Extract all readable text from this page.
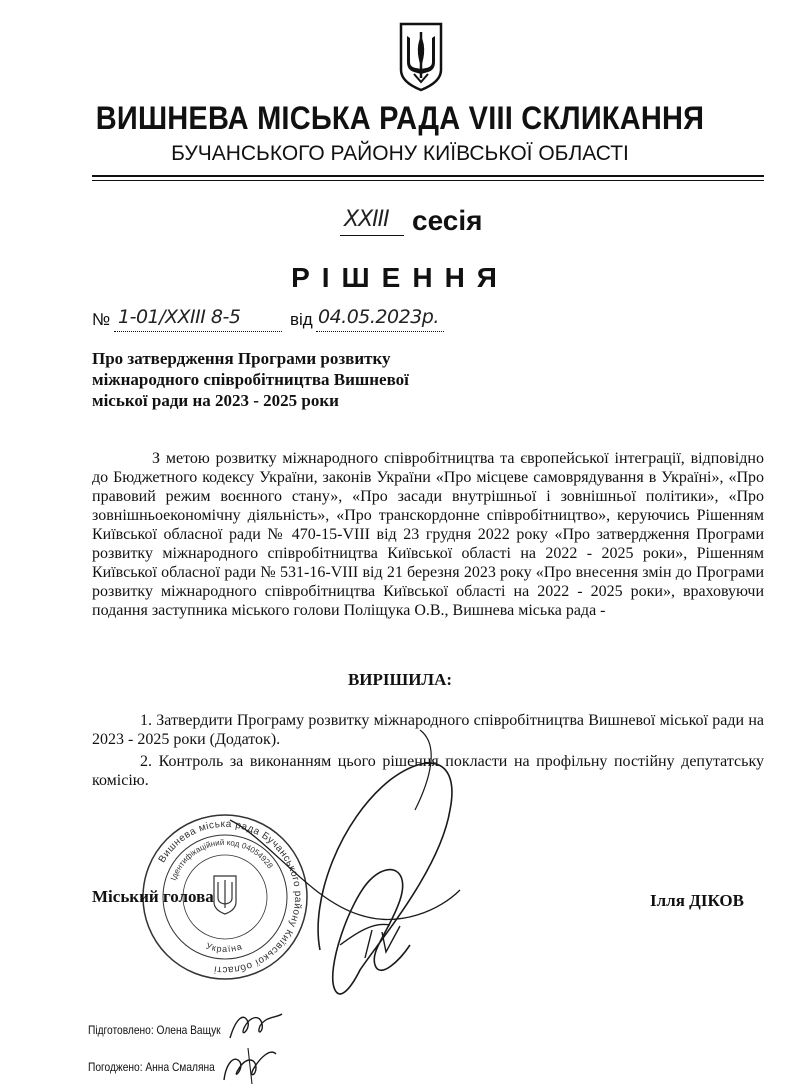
ВИШНЕВА МІСЬКА РАДА VIII СКЛИКАННЯ
БУЧАНСЬКОГО РАЙОНУ КИЇВСЬКОЇ ОБЛАСТІ
XXIII сесія
РІШЕННЯ
№ 1-01/XXIII 8-5	від 04.05.2023р.
Про затвердження Програми розвитку міжнародного співробітництва Вишневої міської ради на 2023 - 2025 роки
З метою розвитку міжнародного співробітництва та європейської інтеграції, відповідно до Бюджетного кодексу України, законів України «Про місцеве самоврядування в Україні», «Про правовий режим воєнного стану», «Про засади внутрішньої і зовнішньої політики», «Про зовнішньоекономічну діяльність», «Про транскордонне співробітництво», керуючись Рішенням Київської обласної ради № 470-15-VIII від 23 грудня 2022 року «Про затвердження Програми розвитку міжнародного співробітництва Київської області на 2022 - 2025 роки», Рішенням Київської обласної ради № 531-16-VIII від 21 березня 2023 року «Про внесення змін до Програми розвитку міжнародного співробітництва Київської області на 2022 - 2025 роки», враховуючи подання заступника міського голови Поліщука О.В., Вишнева міська рада -
ВИРІШИЛА:
1. Затвердити Програму розвитку міжнародного співробітництва Вишневої міської ради на 2023 - 2025 роки (Додаток).
2. Контроль за виконанням цього рішення покласти на профільну постійну депутатську комісію.
Вишнева міська рада Бучанського району Київської області
Ідентифікаційний код 04054928
Україна
Міський голова	Ілля ДІКОВ
Підготовлено: Олена Ващук
Погоджено: Анна Смаляна
